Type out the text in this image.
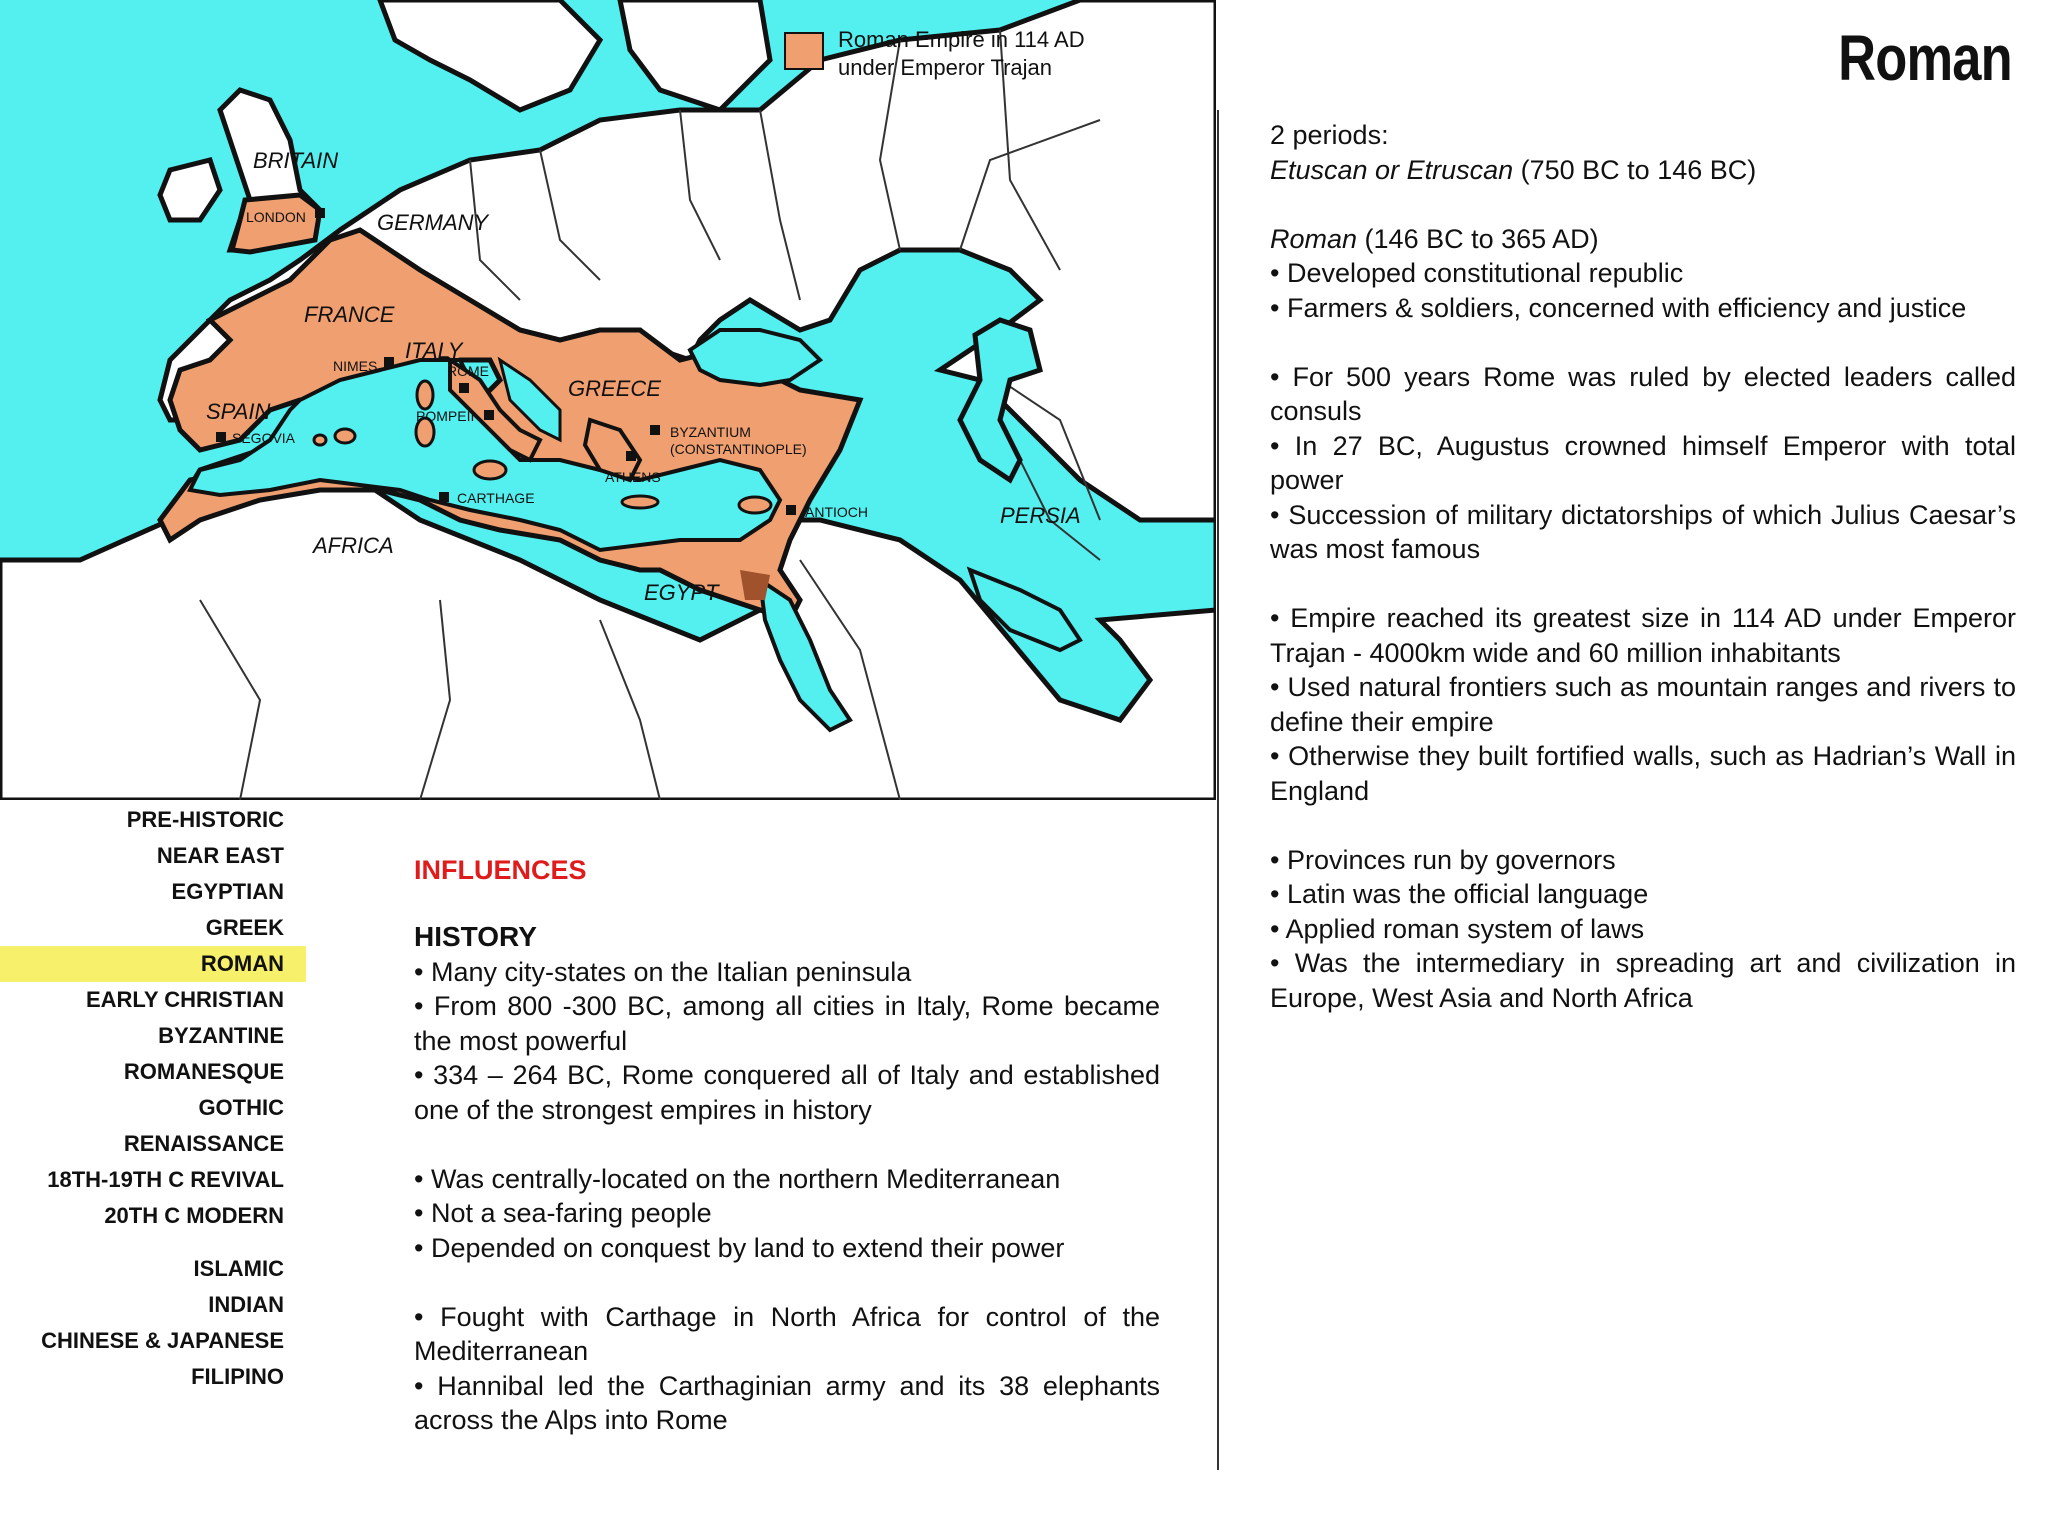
BRITAIN
GERMANY
FRANCE
ITALY
SPAIN
GREECE
AFRICA
EGYPT
PERSIA
LONDON
NIMES	ROME
SEGOVIA
POMPEII
BYZANTIUM
(CONSTANTINOPLE)
ATHENS
CARTHAGE
ANTIOCH
Roman Empire in 114 AD
under Emperor Trajan	Roman
PRE-HISTORIC
NEAR EAST
EGYPTIAN
GREEK
ROMAN
EARLY CHRISTIAN
BYZANTINE
ROMANESQUE
GOTHIC
RENAISSANCE
18TH-19TH C REVIVAL
20TH C MODERN
ISLAMIC
INDIAN
CHINESE & JAPANESE
FILIPINO
INFLUENCES
HISTORY
• Many city-states on the Italian peninsula
• From 800 -300 BC, among all cities in Italy, Rome became the most powerful
• 334 – 264 BC, Rome conquered all of Italy and established one of the strongest empires in history
• Was centrally-located on the northern Mediterranean
• Not a sea-faring people
• Depended on conquest by land to extend their power
• Fought with Carthage in North Africa for control of the Mediterranean
• Hannibal led the Carthaginian army and its 38 elephants across the Alps into Rome
2 periods:
Etuscan or Etruscan (750 BC to 146 BC)
Roman (146 BC to 365 AD)
• Developed constitutional republic
• Farmers & soldiers, concerned with efficiency and justice
• For 500 years Rome was ruled by elected leaders called consuls
• In 27 BC, Augustus crowned himself Emperor with total power
• Succession of military dictatorships of which Julius Caesar’s was most famous
• Empire reached its greatest size in 114 AD under Emperor Trajan - 4000km wide and 60 million inhabitants
• Used natural frontiers such as mountain ranges and rivers to define their empire
• Otherwise they built fortified walls, such as Hadrian’s Wall in England
• Provinces run by governors
• Latin was the official language
• Applied roman system of laws
• Was the intermediary in spreading art and civilization in Europe, West Asia and North Africa
